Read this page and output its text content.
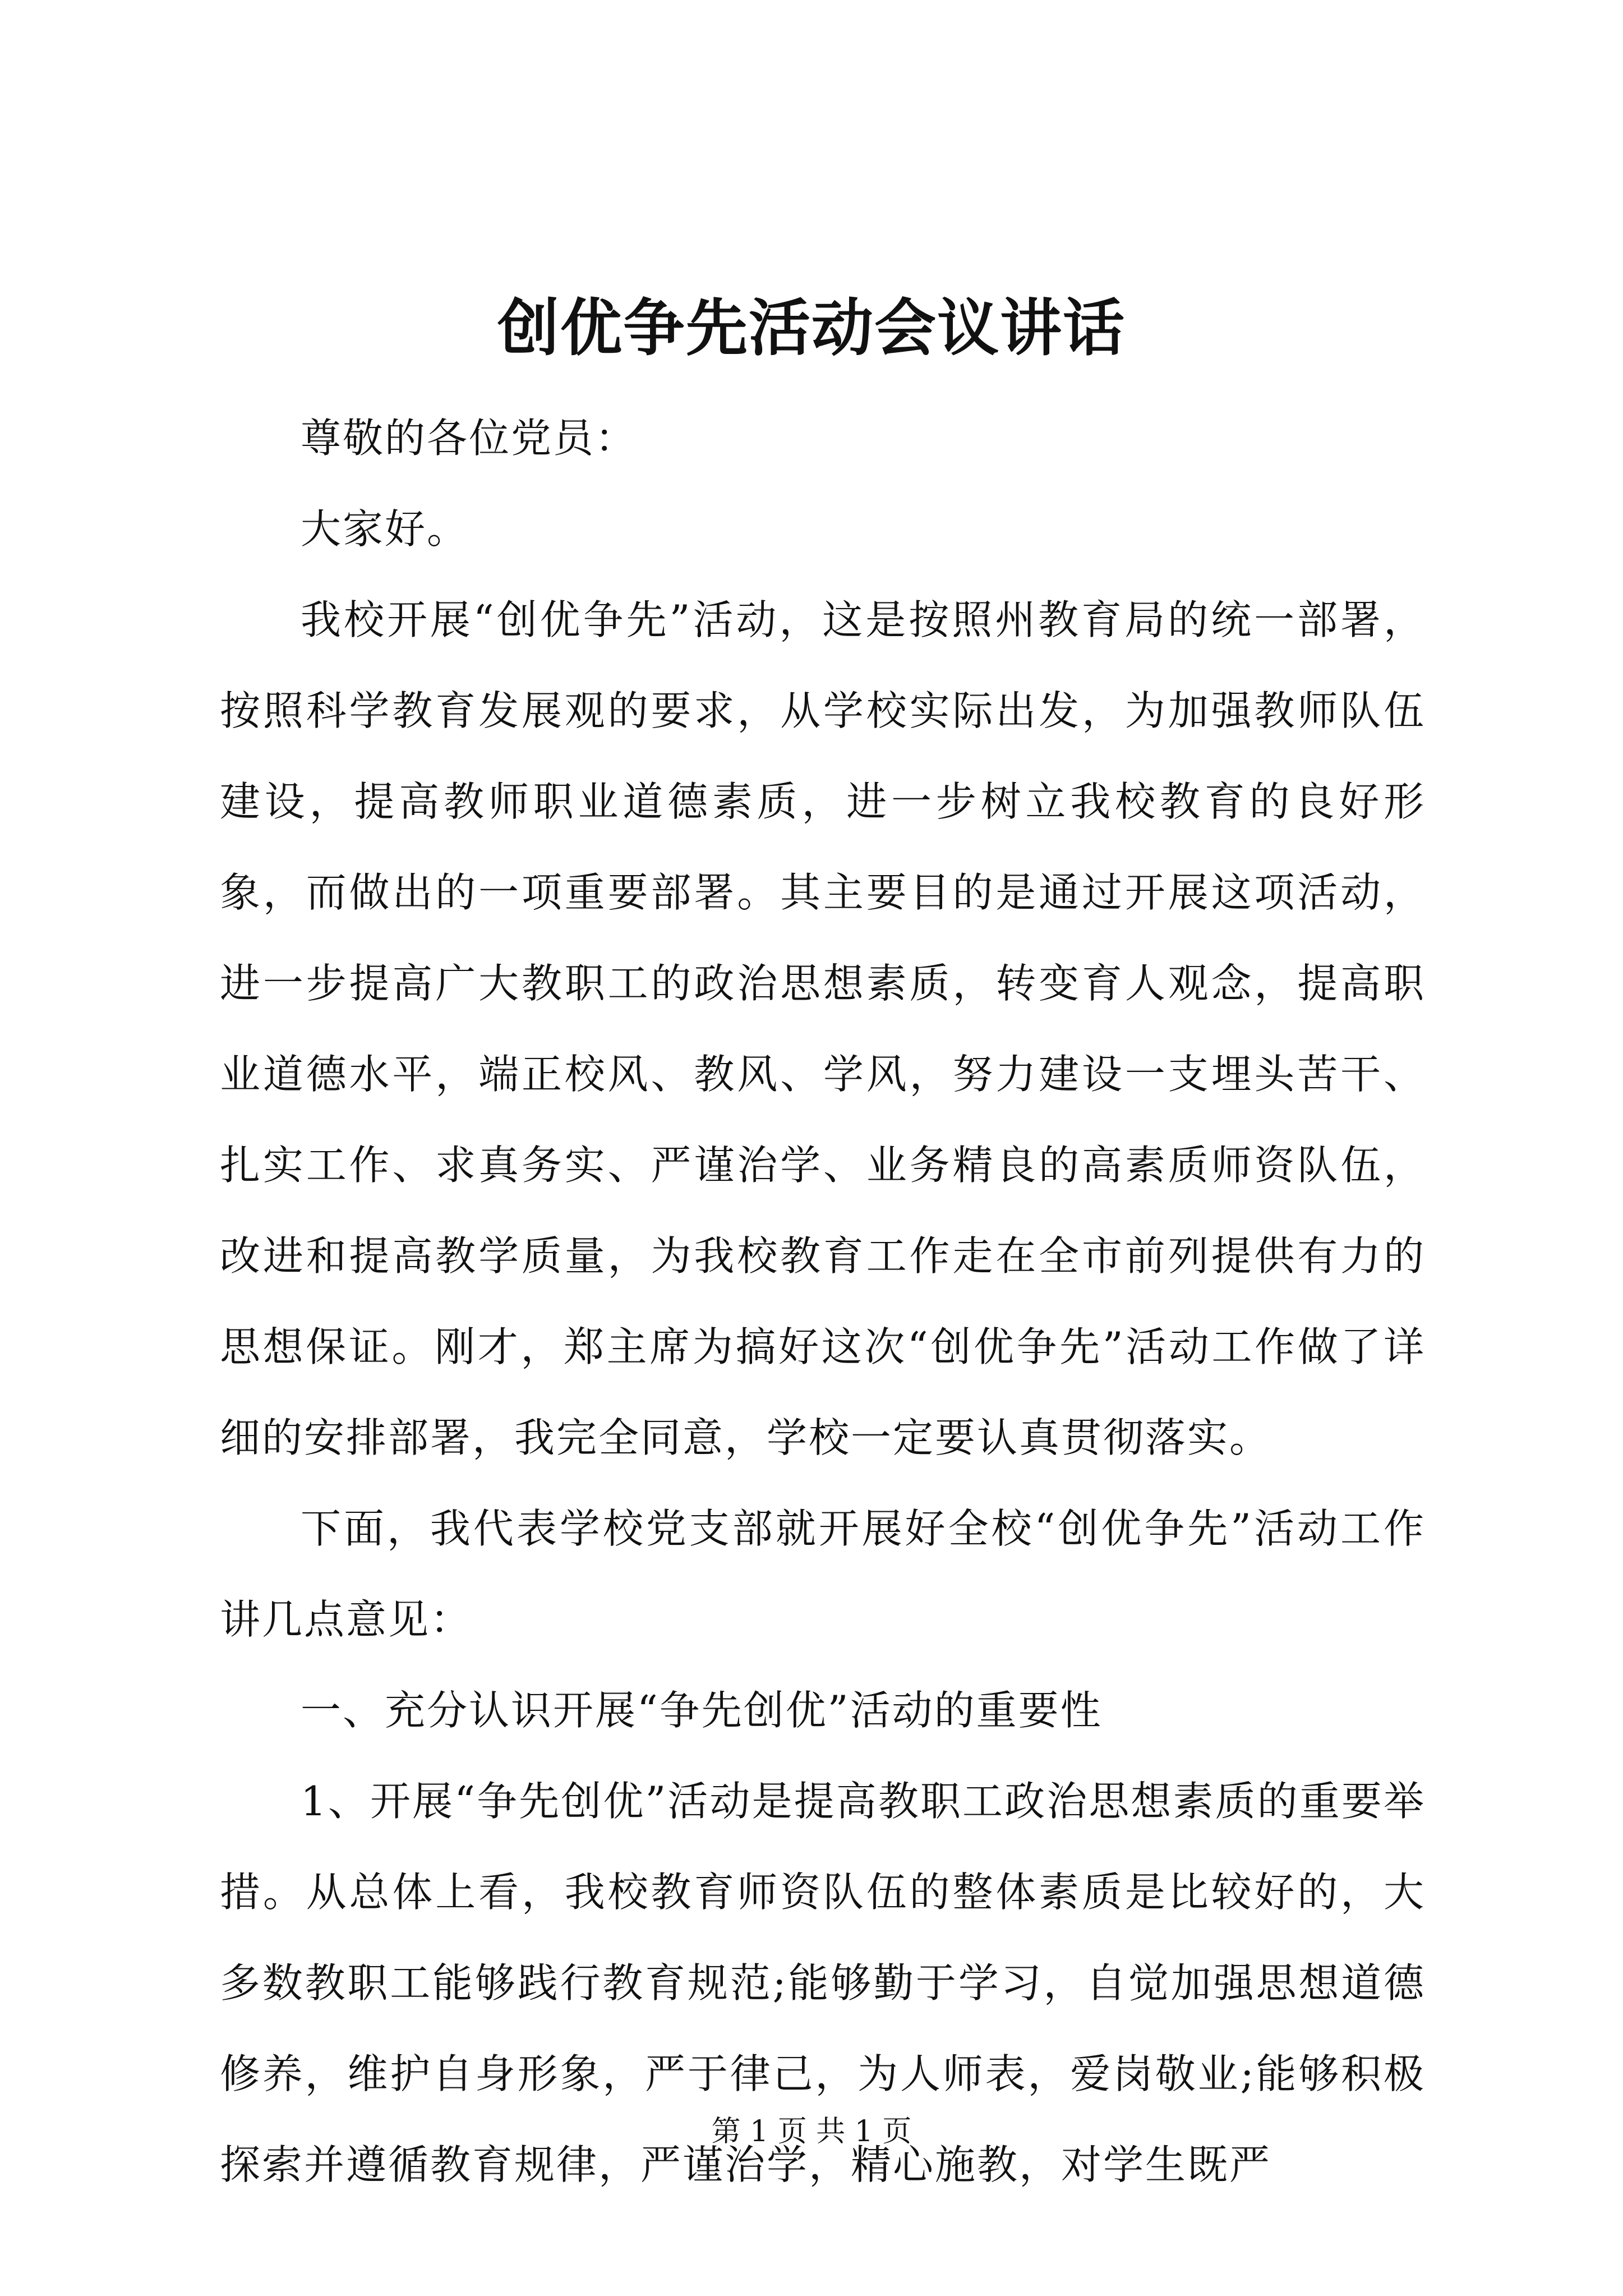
创优争先活动会议讲话

尊敬的各位党员：

大家好。

我校开展“创优争先”活动，这是按照州教育局的统一部署，按照科学教育发展观的要求，从学校实际出发，为加强教师队伍建设，提高教师职业道德素质，进一步树立我校教育的良好形象，而做出的一项重要部署。其主要目的是通过开展这项活动，进一步提高广大教职工的政治思想素质，转变育人观念，提高职业道德水平，端正校风、教风、学风，努力建设一支埋头苦干、扎实工作、求真务实、严谨治学、业务精良的高素质师资队伍，改进和提高教学质量，为我校教育工作走在全市前列提供有力的思想保证。刚才，郑主席为搞好这次“创优争先”活动工作做了详细的安排部署，我完全同意，学校一定要认真贯彻落实。

下面，我代表学校党支部就开展好全校“创优争先”活动工作讲几点意见：

一、充分认识开展“争先创优”活动的重要性

1、开展“争先创优”活动是提高教职工政治思想素质的重要举措。从总体上看，我校教育师资队伍的整体素质是比较好的，大多数教职工能够践行教育规范;能够勤于学习，自觉加强思想道德修养，维护自身形象，严于律己，为人师表，爱岗敬业;能够积极探索并遵循教育规律，严谨治学，精心施教，对学生既严

第 1 页 共 1 页
